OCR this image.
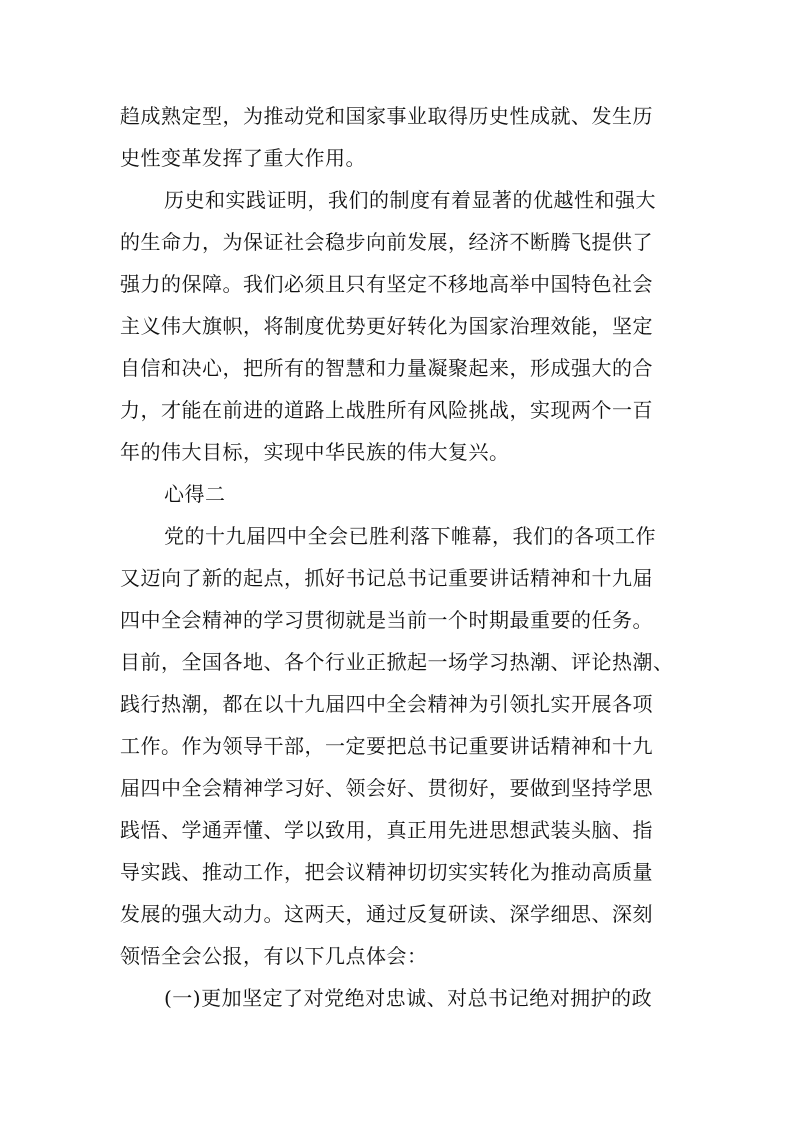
趋成熟定型，为推动党和国家事业取得历史性成就、发生历
史性变革发挥了重大作用。
历史和实践证明，我们的制度有着显著的优越性和强大
的生命力，为保证社会稳步向前发展，经济不断腾飞提供了
强力的保障。我们必须且只有坚定不移地高举中国特色社会
主义伟大旗帜，将制度优势更好转化为国家治理效能，坚定
自信和决心，把所有的智慧和力量凝聚起来，形成强大的合
力，才能在前进的道路上战胜所有风险挑战，实现两个一百
年的伟大目标，实现中华民族的伟大复兴。
心得二
党的十九届四中全会已胜利落下帷幕，我们的各项工作
又迈向了新的起点，抓好书记总书记重要讲话精神和十九届
四中全会精神的学习贯彻就是当前一个时期最重要的任务。
目前，全国各地、各个行业正掀起一场学习热潮、评论热潮、
践行热潮，都在以十九届四中全会精神为引领扎实开展各项
工作。作为领导干部，一定要把总书记重要讲话精神和十九
届四中全会精神学习好、领会好、贯彻好，要做到坚持学思
践悟、学通弄懂、学以致用，真正用先进思想武装头脑、指
导实践、推动工作，把会议精神切切实实转化为推动高质量
发展的强大动力。这两天，通过反复研读、深学细思、深刻
领悟全会公报，有以下几点体会：
(一)更加坚定了对党绝对忠诚、对总书记绝对拥护的政
